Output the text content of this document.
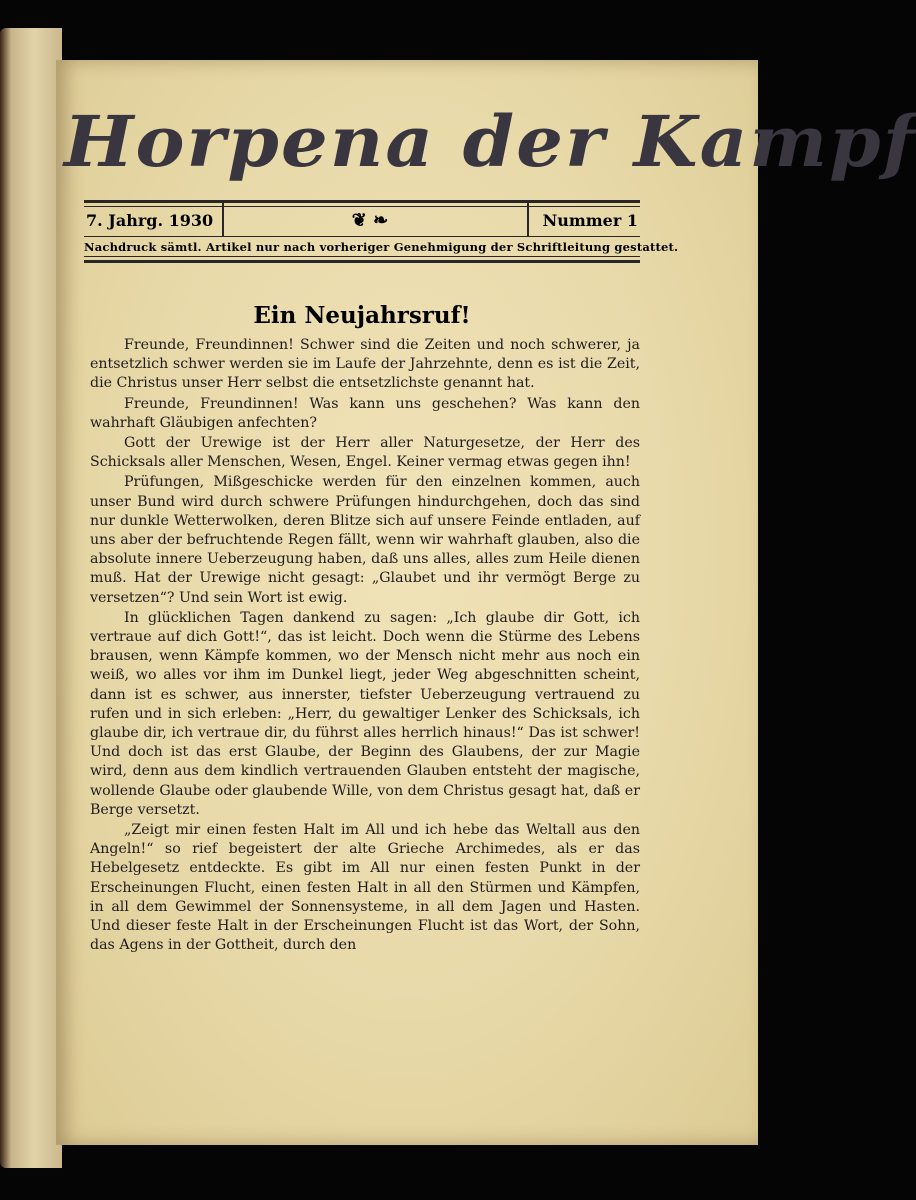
Horpena der Kampf
7. Jahrg. 1930	❦ ❧	Nummer 1
Nachdruck sämtl. Artikel nur nach vorheriger Genehmigung der Schriftleitung gestattet.
Ein Neujahrsruf!

Freunde, Freundinnen! Schwer sind die Zeiten und noch schwerer, ja entsetzlich schwer werden sie im Laufe der Jahrzehnte, denn es ist die Zeit, die Christus unser Herr selbst die entsetzlichste genannt hat.

Freunde, Freundinnen! Was kann uns geschehen? Was kann den wahrhaft Gläubigen anfechten?

Gott der Urewige ist der Herr aller Naturgesetze, der Herr des Schicksals aller Menschen, Wesen, Engel. Keiner vermag etwas gegen ihn!

Prüfungen, Mißgeschicke werden für den einzelnen kommen, auch unser Bund wird durch schwere Prüfungen hindurchgehen, doch das sind nur dunkle Wetterwolken, deren Blitze sich auf unsere Feinde entladen, auf uns aber der befruchtende Regen fällt, wenn wir wahrhaft glauben, also die absolute innere Ueberzeugung haben, daß uns alles, alles zum Heile dienen muß. Hat der Urewige nicht gesagt: „Glaubet und ihr vermögt Berge zu versetzen“? Und sein Wort ist ewig.

In glücklichen Tagen dankend zu sagen: „Ich glaube dir Gott, ich vertraue auf dich Gott!“, das ist leicht. Doch wenn die Stürme des Lebens brausen, wenn Kämpfe kommen, wo der Mensch nicht mehr aus noch ein weiß, wo alles vor ihm im Dunkel liegt, jeder Weg abgeschnitten scheint, dann ist es schwer, aus innerster, tiefster Ueberzeugung vertrauend zu rufen und in sich erleben: „Herr, du gewaltiger Lenker des Schicksals, ich glaube dir, ich vertraue dir, du führst alles herrlich hinaus!“ Das ist schwer! Und doch ist das erst Glaube, der Beginn des Glaubens, der zur Magie wird, denn aus dem kindlich vertrauenden Glauben entsteht der magische, wollende Glaube oder glaubende Wille, von dem Christus gesagt hat, daß er Berge versetzt.

„Zeigt mir einen festen Halt im All und ich hebe das Weltall aus den Angeln!“ so rief begeistert der alte Grieche Archimedes, als er das Hebelgesetz entdeckte. Es gibt im All nur einen festen Punkt in der Erscheinungen Flucht, einen festen Halt in all den Stürmen und Kämpfen, in all dem Gewimmel der Sonnensysteme, in all dem Jagen und Hasten. Und dieser feste Halt in der Erscheinungen Flucht ist das Wort, der Sohn, das Agens in der Gottheit, durch den
